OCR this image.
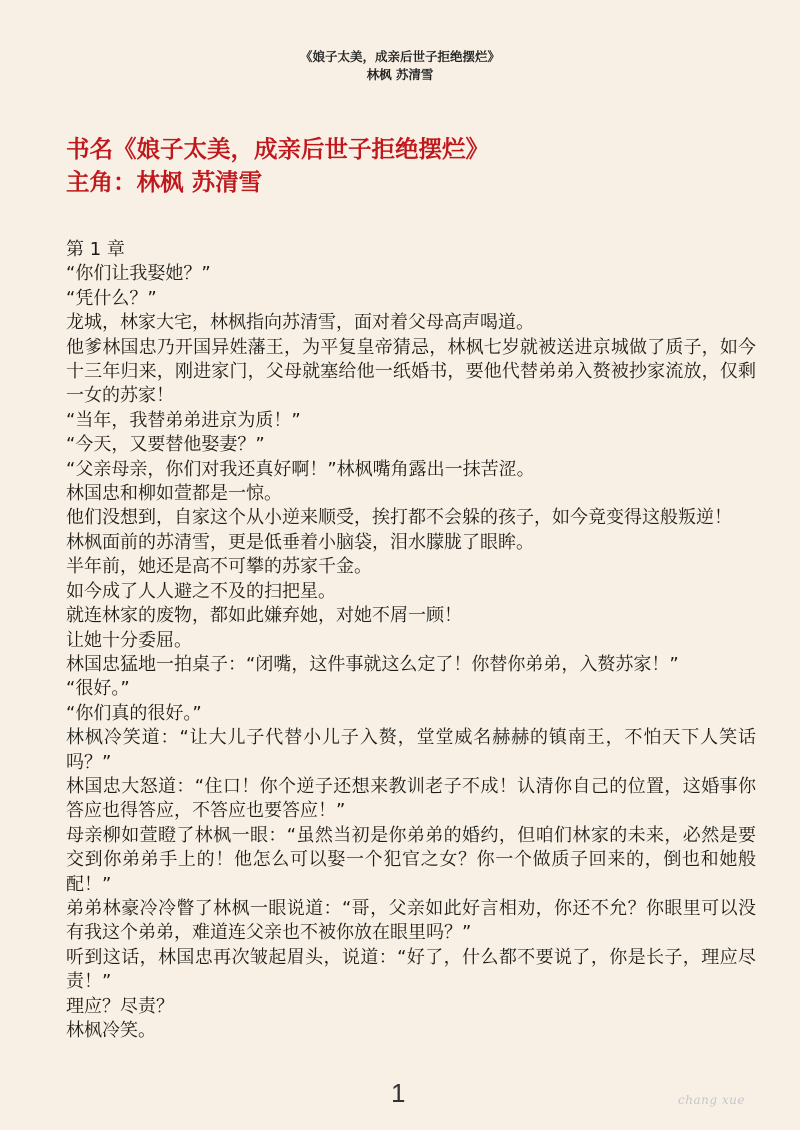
《娘子太美，成亲后世子拒绝摆烂》
林枫 苏清雪
书名《娘子太美，成亲后世子拒绝摆烂》
主角：林枫 苏清雪

第 1 章

“你们让我娶她？”

“凭什么？”

龙城，林家大宅，林枫指向苏清雪，面对着父母高声喝道。

他爹林国忠乃开国异姓藩王，为平复皇帝猜忌，林枫七岁就被送进京城做了质子，如今十三年归来，刚进家门，父母就塞给他一纸婚书，要他代替弟弟入赘被抄家流放，仅剩一女的苏家！

“当年，我替弟弟进京为质！”

“今天，又要替他娶妻？”

“父亲母亲，你们对我还真好啊！”林枫嘴角露出一抹苦涩。

林国忠和柳如萱都是一惊。

他们没想到，自家这个从小逆来顺受，挨打都不会躲的孩子，如今竟变得这般叛逆！

林枫面前的苏清雪，更是低垂着小脑袋，泪水朦胧了眼眸。

半年前，她还是高不可攀的苏家千金。

如今成了人人避之不及的扫把星。

就连林家的废物，都如此嫌弃她，对她不屑一顾！

让她十分委屈。

林国忠猛地一拍桌子：“闭嘴，这件事就这么定了！你替你弟弟，入赘苏家！”

“很好。”

“你们真的很好。”

林枫冷笑道：“让大儿子代替小儿子入赘，堂堂威名赫赫的镇南王，不怕天下人笑话吗？”

林国忠大怒道：“住口！你个逆子还想来教训老子不成！认清你自己的位置，这婚事你答应也得答应，不答应也要答应！”

母亲柳如萱瞪了林枫一眼：“虽然当初是你弟弟的婚约，但咱们林家的未来，必然是要交到你弟弟手上的！他怎么可以娶一个犯官之女？你一个做质子回来的，倒也和她般配！”

弟弟林豪冷冷瞥了林枫一眼说道：“哥，父亲如此好言相劝，你还不允？你眼里可以没有我这个弟弟，难道连父亲也不被你放在眼里吗？”

听到这话，林国忠再次皱起眉头，说道：“好了，什么都不要说了，你是长子，理应尽责！”

理应？尽责？

林枫冷笑。

1	chang xue
